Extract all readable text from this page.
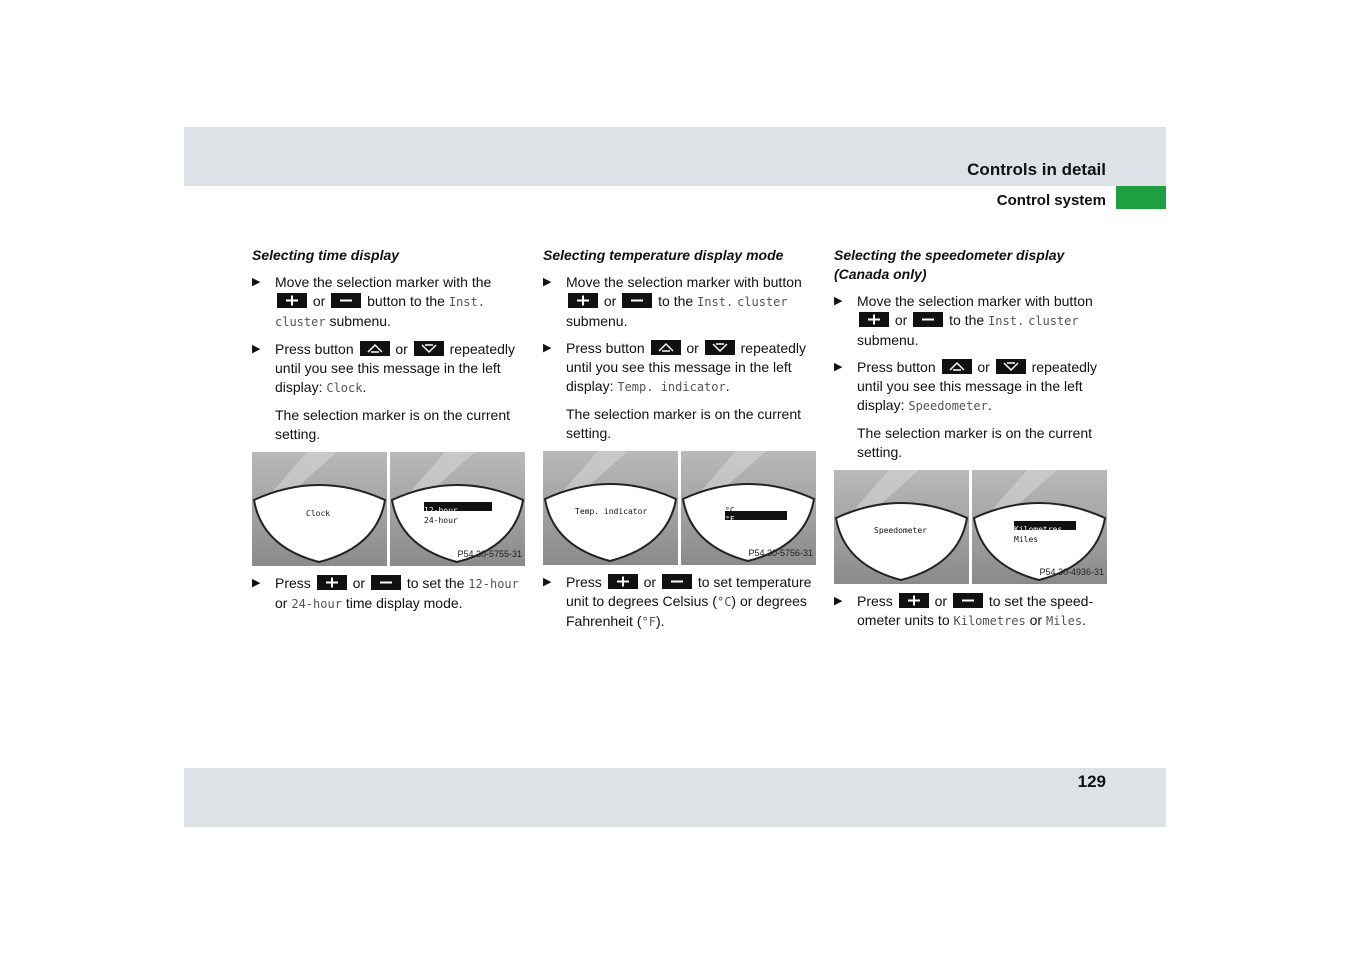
Controls in detail
Control system
129
Selecting time display
▶ Move the selection marker with the
or	button to the Inst. cluster submenu.
▶ Press button	or	repeatedly until you see this message in the left display: Clock.
The selection marker is on the current setting.
Clock	12-hour
24-hour
P54.30-5755-31
▶ Press	or	to set the 12-hour or 24-hour time display mode.
Selecting temperature display mode
▶ Move the selection marker with button
or	to the Inst. cluster submenu.
▶ Press button	or	repeatedly until you see this message in the left display: Temp. indicator.
The selection marker is on the current setting.
Temp. indicator	°C
°F
P54.30-5756-31
▶ Press	or	to set temperature unit to degrees Celsius (°C) or degrees Fahrenheit (°F).
Selecting the speedometer display (Canada only)
▶ Move the selection marker with button
or	to the Inst. cluster submenu.
▶ Press button	or	repeatedly until you see this message in the left display: Speedometer.
The selection marker is on the current setting.
Speedometer	Kilometres
Miles
P54.30-4936-31
▶ Press	or	to set the speed-ometer units to Kilometres or Miles.
